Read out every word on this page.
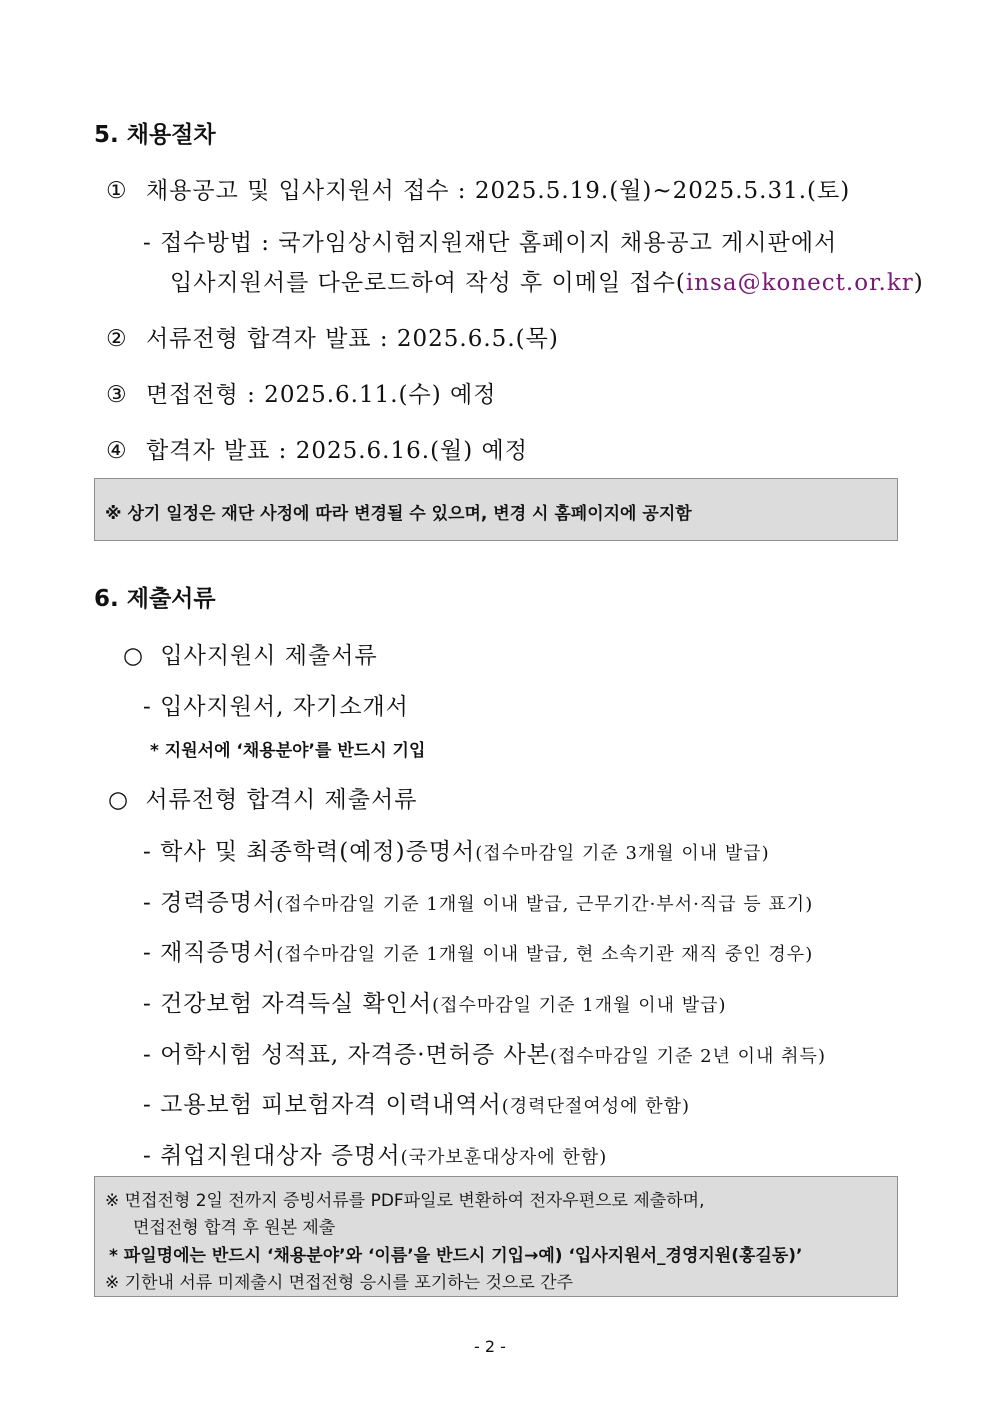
5. 채용절차
① 채용공고 및 입사지원서 접수 : 2025.5.19.(월)~2025.5.31.(토)
- 접수방법 : 국가임상시험지원재단 홈페이지 채용공고 게시판에서
입사지원서를 다운로드하여 작성 후 이메일 접수(insa@konect.or.kr)
② 서류전형 합격자 발표 : 2025.6.5.(목)
③ 면접전형 : 2025.6.11.(수) 예정
④ 합격자 발표 : 2025.6.16.(월) 예정
※ 상기 일정은 재단 사정에 따라 변경될 수 있으며, 변경 시 홈페이지에 공지함
6. 제출서류
○ 입사지원시 제출서류
- 입사지원서, 자기소개서
* 지원서에 ‘채용분야’를 반드시 기입
○ 서류전형 합격시 제출서류
- 학사 및 최종학력(예정)증명서(접수마감일 기준 3개월 이내 발급)
- 경력증명서(접수마감일 기준 1개월 이내 발급, 근무기간·부서·직급 등 표기)
- 재직증명서(접수마감일 기준 1개월 이내 발급, 현 소속기관 재직 중인 경우)
- 건강보험 자격득실 확인서(접수마감일 기준 1개월 이내 발급)
- 어학시험 성적표, 자격증·면허증 사본(접수마감일 기준 2년 이내 취득)
- 고용보험 피보험자격 이력내역서(경력단절여성에 한함)
- 취업지원대상자 증명서(국가보훈대상자에 한함)
※ 면접전형 2일 전까지 증빙서류를 PDF파일로 변환하여 전자우편으로 제출하며,
면접전형 합격 후 원본 제출
* 파일명에는 반드시 ‘채용분야’와 ‘이름’을 반드시 기입→예) ‘입사지원서_경영지원(홍길동)’
※ 기한내 서류 미제출시 면접전형 응시를 포기하는 것으로 간주
- 2 -
